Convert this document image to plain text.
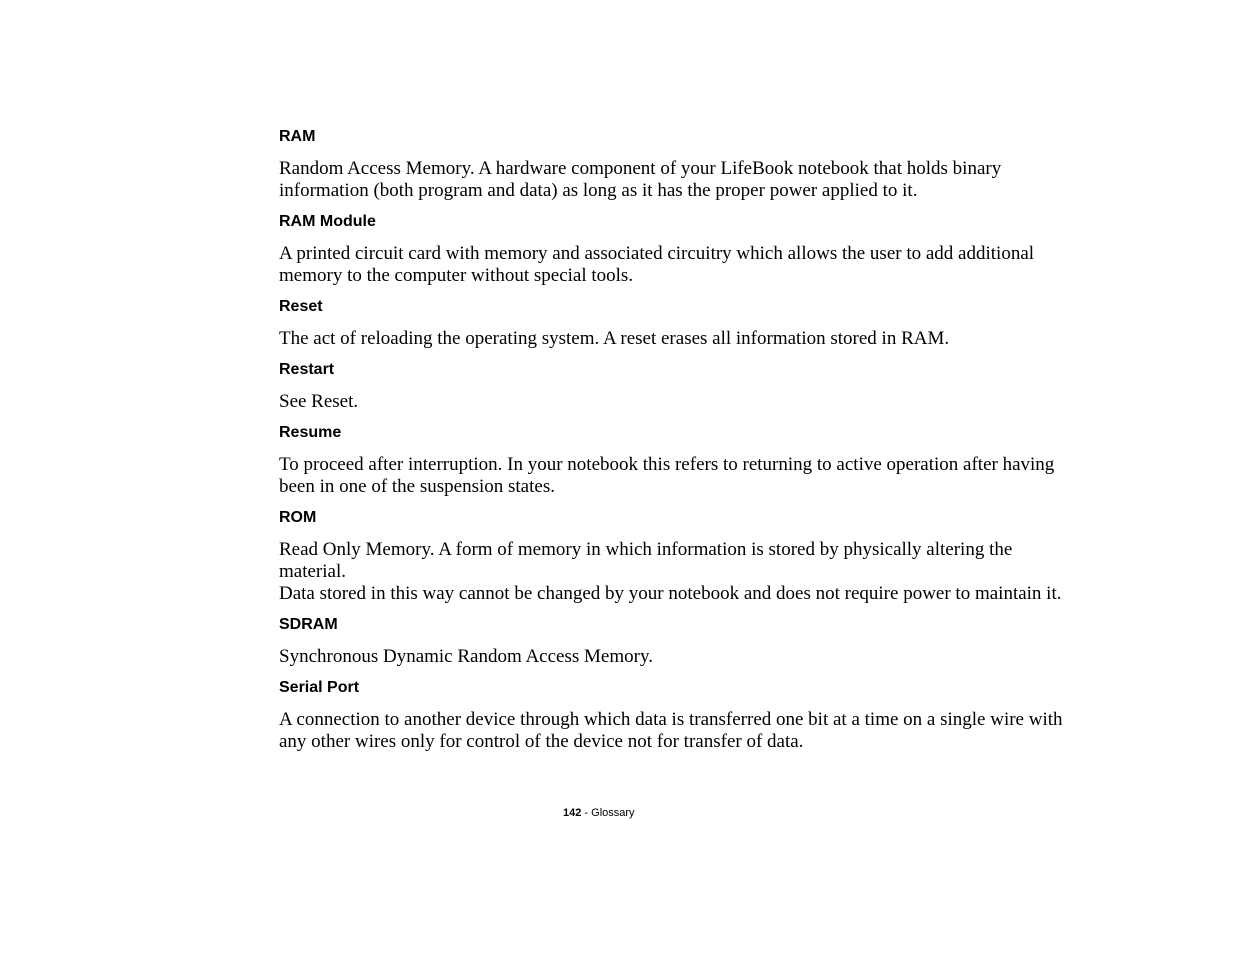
RAM

Random Access Memory. A hardware component of your LifeBook notebook that holds binary
information (both program and data) as long as it has the proper power applied to it.

RAM Module

A printed circuit card with memory and associated circuitry which allows the user to add additional
memory to the computer without special tools.

Reset

The act of reloading the operating system. A reset erases all information stored in RAM.

Restart

See Reset.

Resume

To proceed after interruption. In your notebook this refers to returning to active operation after having
been in one of the suspension states.

ROM

Read Only Memory. A form of memory in which information is stored by physically altering the material.
Data stored in this way cannot be changed by your notebook and does not require power to maintain it.

SDRAM

Synchronous Dynamic Random Access Memory.

Serial Port

A connection to another device through which data is transferred one bit at a time on a single wire with
any other wires only for control of the device not for transfer of data.

142 - Glossary
